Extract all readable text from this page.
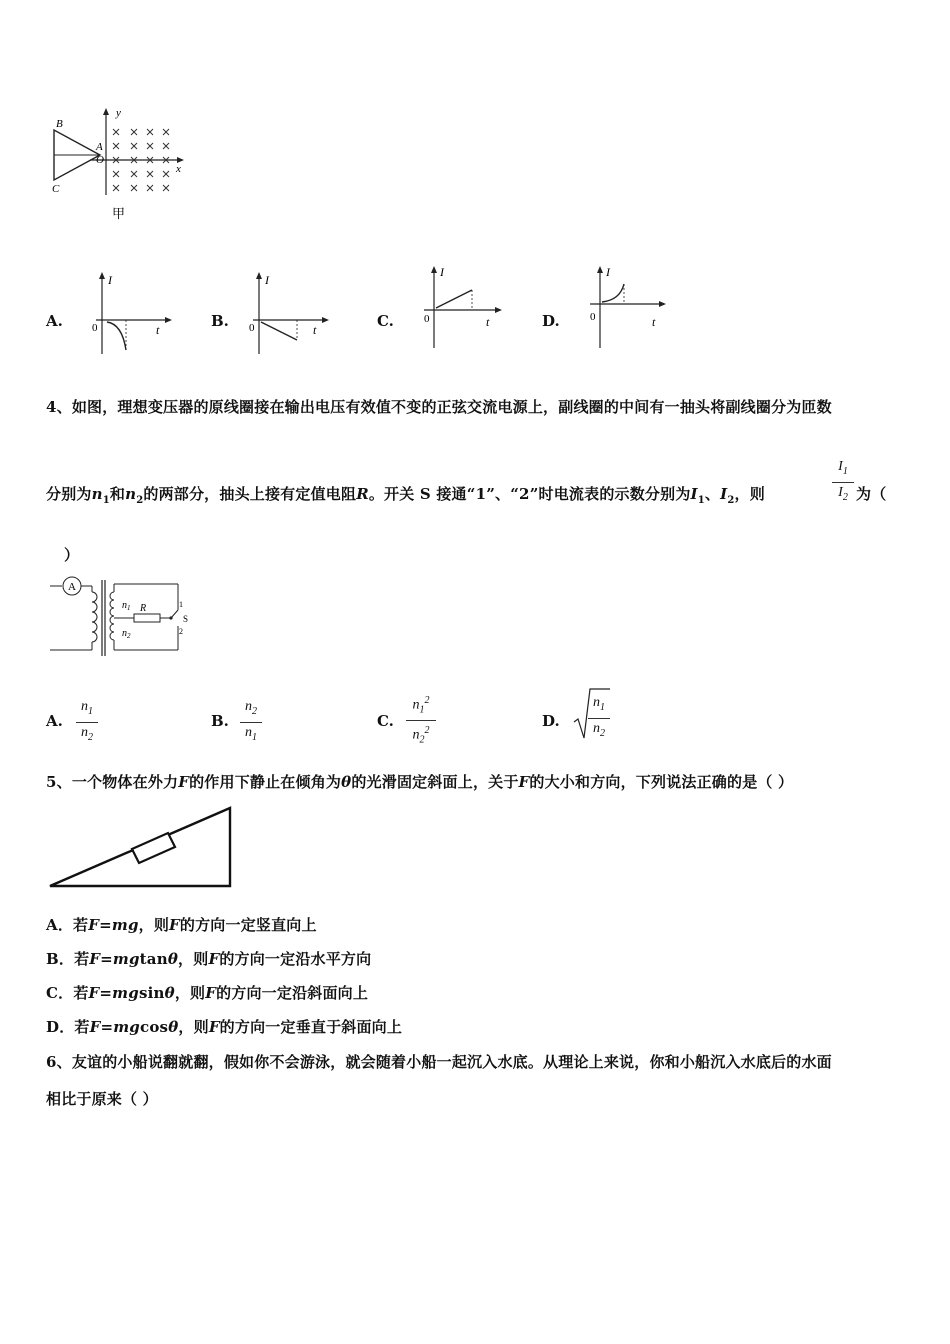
B
A
O
C
y
x
甲
A.
I
t
0	B.
I
t
0	C.
I
t
0	D.
I
t
0
4、如图，理想变压器的原线圈接在输出电压有效值不变的正弦交流电源上，副线圈的中间有一抽头将副线圈分为匝数
分别为$n_1$和$n_2$的两部分，抽头上接有定值电阻R。开关 S 接通“1”、“2”时电流表的示数分别为$I_1$、$I_2$，则
$I_1$
$I_2$ 为（
）
A
$n_1$
$n_2$
R
S
1
2
A.
$n_1$
$n_2$
B.
$n_2$
$n_1$
C.
$n_1^2$
$n_2^2$
D.
$n_1$
$n_2$
5、一个物体在外力F的作用下静止在倾角为θ的光滑固定斜面上，关于F的大小和方向，下列说法正确的是（ ）
A．若F=mg，则F的方向一定竖直向上
B．若F=mgtanθ，则F的方向一定沿水平方向
C．若F=mgsinθ，则F的方向一定沿斜面向上
D．若F=mgcosθ，则F的方向一定垂直于斜面向上
6、友谊的小船说翻就翻，假如你不会游泳，就会随着小船一起沉入水底。从理论上来说，你和小船沉入水底后的水面
相比于原来（ ）
